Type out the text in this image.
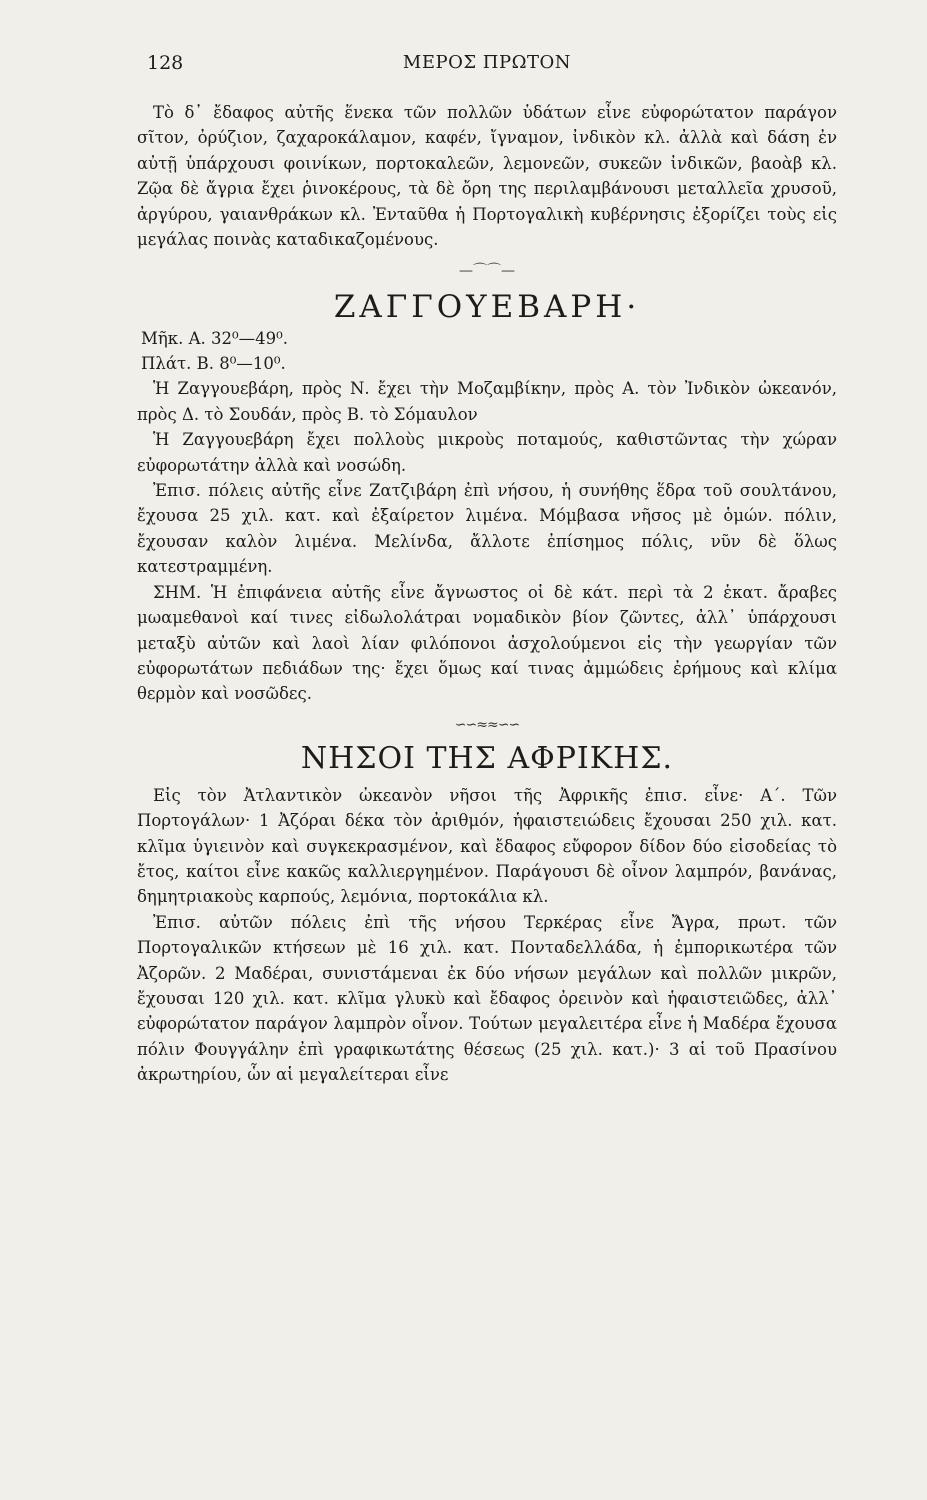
128	ΜΕΡΟΣ ΠΡΩΤΟΝ

Τὸ δ᾽ ἔδαφος αὐτῆς ἕνεκα τῶν πολλῶν ὑδάτων εἶνε εὐφορώτατον παράγον σῖτον, ὀρύζιον, ζαχαροκάλαμον, καφέν, ἴγναμον, ἰνδικὸν κλ. ἀλλὰ καὶ δάση ἐν αὐτῇ ὑπάρχουσι φοινίκων, πορτοκαλεῶν, λεμονεῶν, συκεῶν ἰνδικῶν, βαοὰβ κλ. Ζῷα δὲ ἄγρια ἔχει ῥινοκέρους, τὰ δὲ ὄρη της περιλαμβάνουσι μεταλλεῖα χρυσοῦ, ἀργύρου, γαιανθράκων κλ. Ἐνταῦθα ἡ Πορτογαλικὴ κυβέρνησις ἐξορίζει τοὺς εἰς μεγάλας ποινὰς καταδικαζομένους.

—⌒⌒—
ΖΑΓΓΟΥΕΒΑΡΗ·
Μῆκ. Α. 32⁰—49⁰.
Πλάτ. Β. 8⁰—10⁰.

Ἡ Ζαγγουεβάρη, πρὸς Ν. ἔχει τὴν Μοζαμβίκην, πρὸς Α. τὸν Ἰνδικὸν ὠκεανόν, πρὸς Δ. τὸ Σουδάν, πρὸς Β. τὸ Σόμαυλον

Ἡ Ζαγγουεβάρη ἔχει πολλοὺς μικροὺς ποταμούς, καθιστῶντας τὴν χώραν εὐφορωτάτην ἀλλὰ καὶ νοσώδη.

Ἐπισ. πόλεις αὐτῆς εἶνε Ζατζιβάρη ἐπὶ νήσου, ἡ συνήθης ἕδρα τοῦ σουλτάνου, ἔχουσα 25 χιλ. κατ. καὶ ἐξαίρετον λιμένα. Μόμβασα νῆσος μὲ ὁμών. πόλιν, ἔχουσαν καλὸν λιμένα. Μελίνδα, ἄλλοτε ἐπίσημος πόλις, νῦν δὲ ὅλως κατεστραμμένη.

ΣΗΜ. Ἡ ἐπιφάνεια αὐτῆς εἶνε ἄγνωστος οἱ δὲ κάτ. περὶ τὰ 2 ἑκατ. ἄραβες μωαμεθανοὶ καί τινες εἰδωλολάτραι νομαδικὸν βίον ζῶντες, ἀλλ᾽ ὑπάρχουσι μεταξὺ αὐτῶν καὶ λαοὶ λίαν φιλόπονοι ἀσχολούμενοι εἰς τὴν γεωργίαν τῶν εὐφορωτάτων πεδιάδων της· ἔχει ὅμως καί τινας ἀμμώδεις ἐρήμους καὶ κλίμα θερμὸν καὶ νοσῶδες.

∽∽≈≈∽∽
ΝΗΣΟΙ ΤΗΣ ΑΦΡΙΚΗΣ.

Εἰς τὸν Ἀτλαντικὸν ὠκεανὸν νῆσοι τῆς Ἀφρικῆς ἐπισ. εἶνε· Α΄. Τῶν Πορτογάλων· 1 Ἀζόραι δέκα τὸν ἀριθμόν, ἡφαιστειώδεις ἔχουσαι 250 χιλ. κατ. κλῖμα ὑγιεινὸν καὶ συγκεκρασμένον, καὶ ἔδαφος εὔφορον δίδον δύο εἰσοδείας τὸ ἔτος, καίτοι εἶνε κακῶς καλλιεργημένον. Παράγουσι δὲ οἶνον λαμπρόν, βανάνας, δημητριακοὺς καρπούς, λεμόνια, πορτοκάλια κλ.

Ἐπισ. αὐτῶν πόλεις ἐπὶ τῆς νήσου Τερκέρας εἶνε Ἄγρα, πρωτ. τῶν Πορτογαλικῶν κτήσεων μὲ 16 χιλ. κατ. Πονταδελλάδα, ἡ ἐμπορικωτέρα τῶν Ἀζορῶν. 2 Μαδέραι, συνιστάμεναι ἐκ δύο νήσων μεγάλων καὶ πολλῶν μικρῶν, ἔχουσαι 120 χιλ. κατ. κλῖμα γλυκὺ καὶ ἔδαφος ὀρεινὸν καὶ ἡφαιστειῶδες, ἀλλ᾽ εὐφορώτατον παράγον λαμπρὸν οἶνον. Τούτων μεγαλειτέρα εἶνε ἡ Μαδέρα ἔχουσα πόλιν Φουγγάλην ἐπὶ γραφικωτάτης θέσεως (25 χιλ. κατ.)· 3 αἱ τοῦ Πρασίνου ἀκρωτηρίου, ὧν αἱ μεγαλείτεραι εἶνε
